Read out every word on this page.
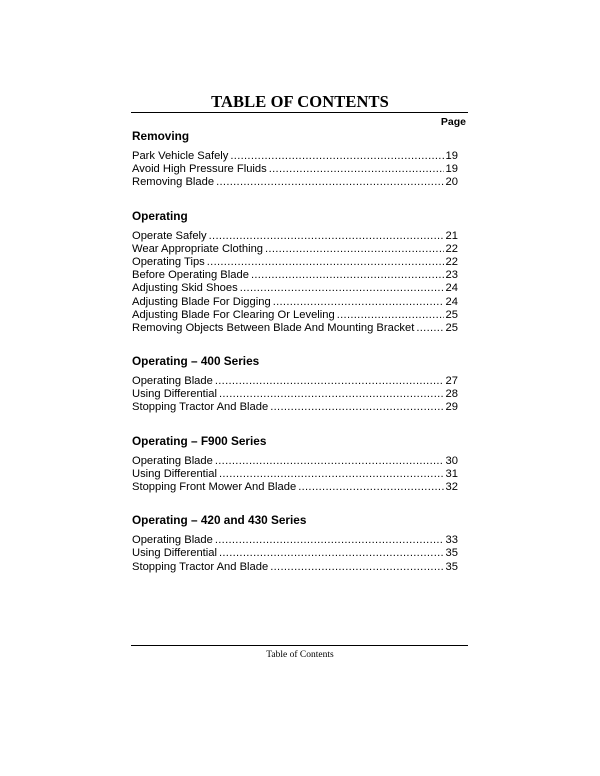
TABLE OF CONTENTS
Page
Removing
Park Vehicle Safely .....	19
Avoid High Pressure Fluids .....	19
Removing Blade .....	20
Operating
Operate Safely .....	21
Wear Appropriate Clothing .....	22
Operating Tips .....	22
Before Operating Blade .....	23
Adjusting Skid Shoes .....	24
Adjusting Blade For Digging .....	24
Adjusting Blade For Clearing Or Leveling .....	25
Removing Objects Between Blade And Mounting Bracket .....	25
Operating – 400 Series
Operating Blade .....	27
Using Differential .....	28
Stopping Tractor And Blade .....	29
Operating – F900 Series
Operating Blade .....	30
Using Differential .....	31
Stopping Front Mower And Blade .....	32
Operating – 420 and 430 Series
Operating Blade .....	33
Using Differential .....	35
Stopping Tractor And Blade .....	35
Table of Contents
